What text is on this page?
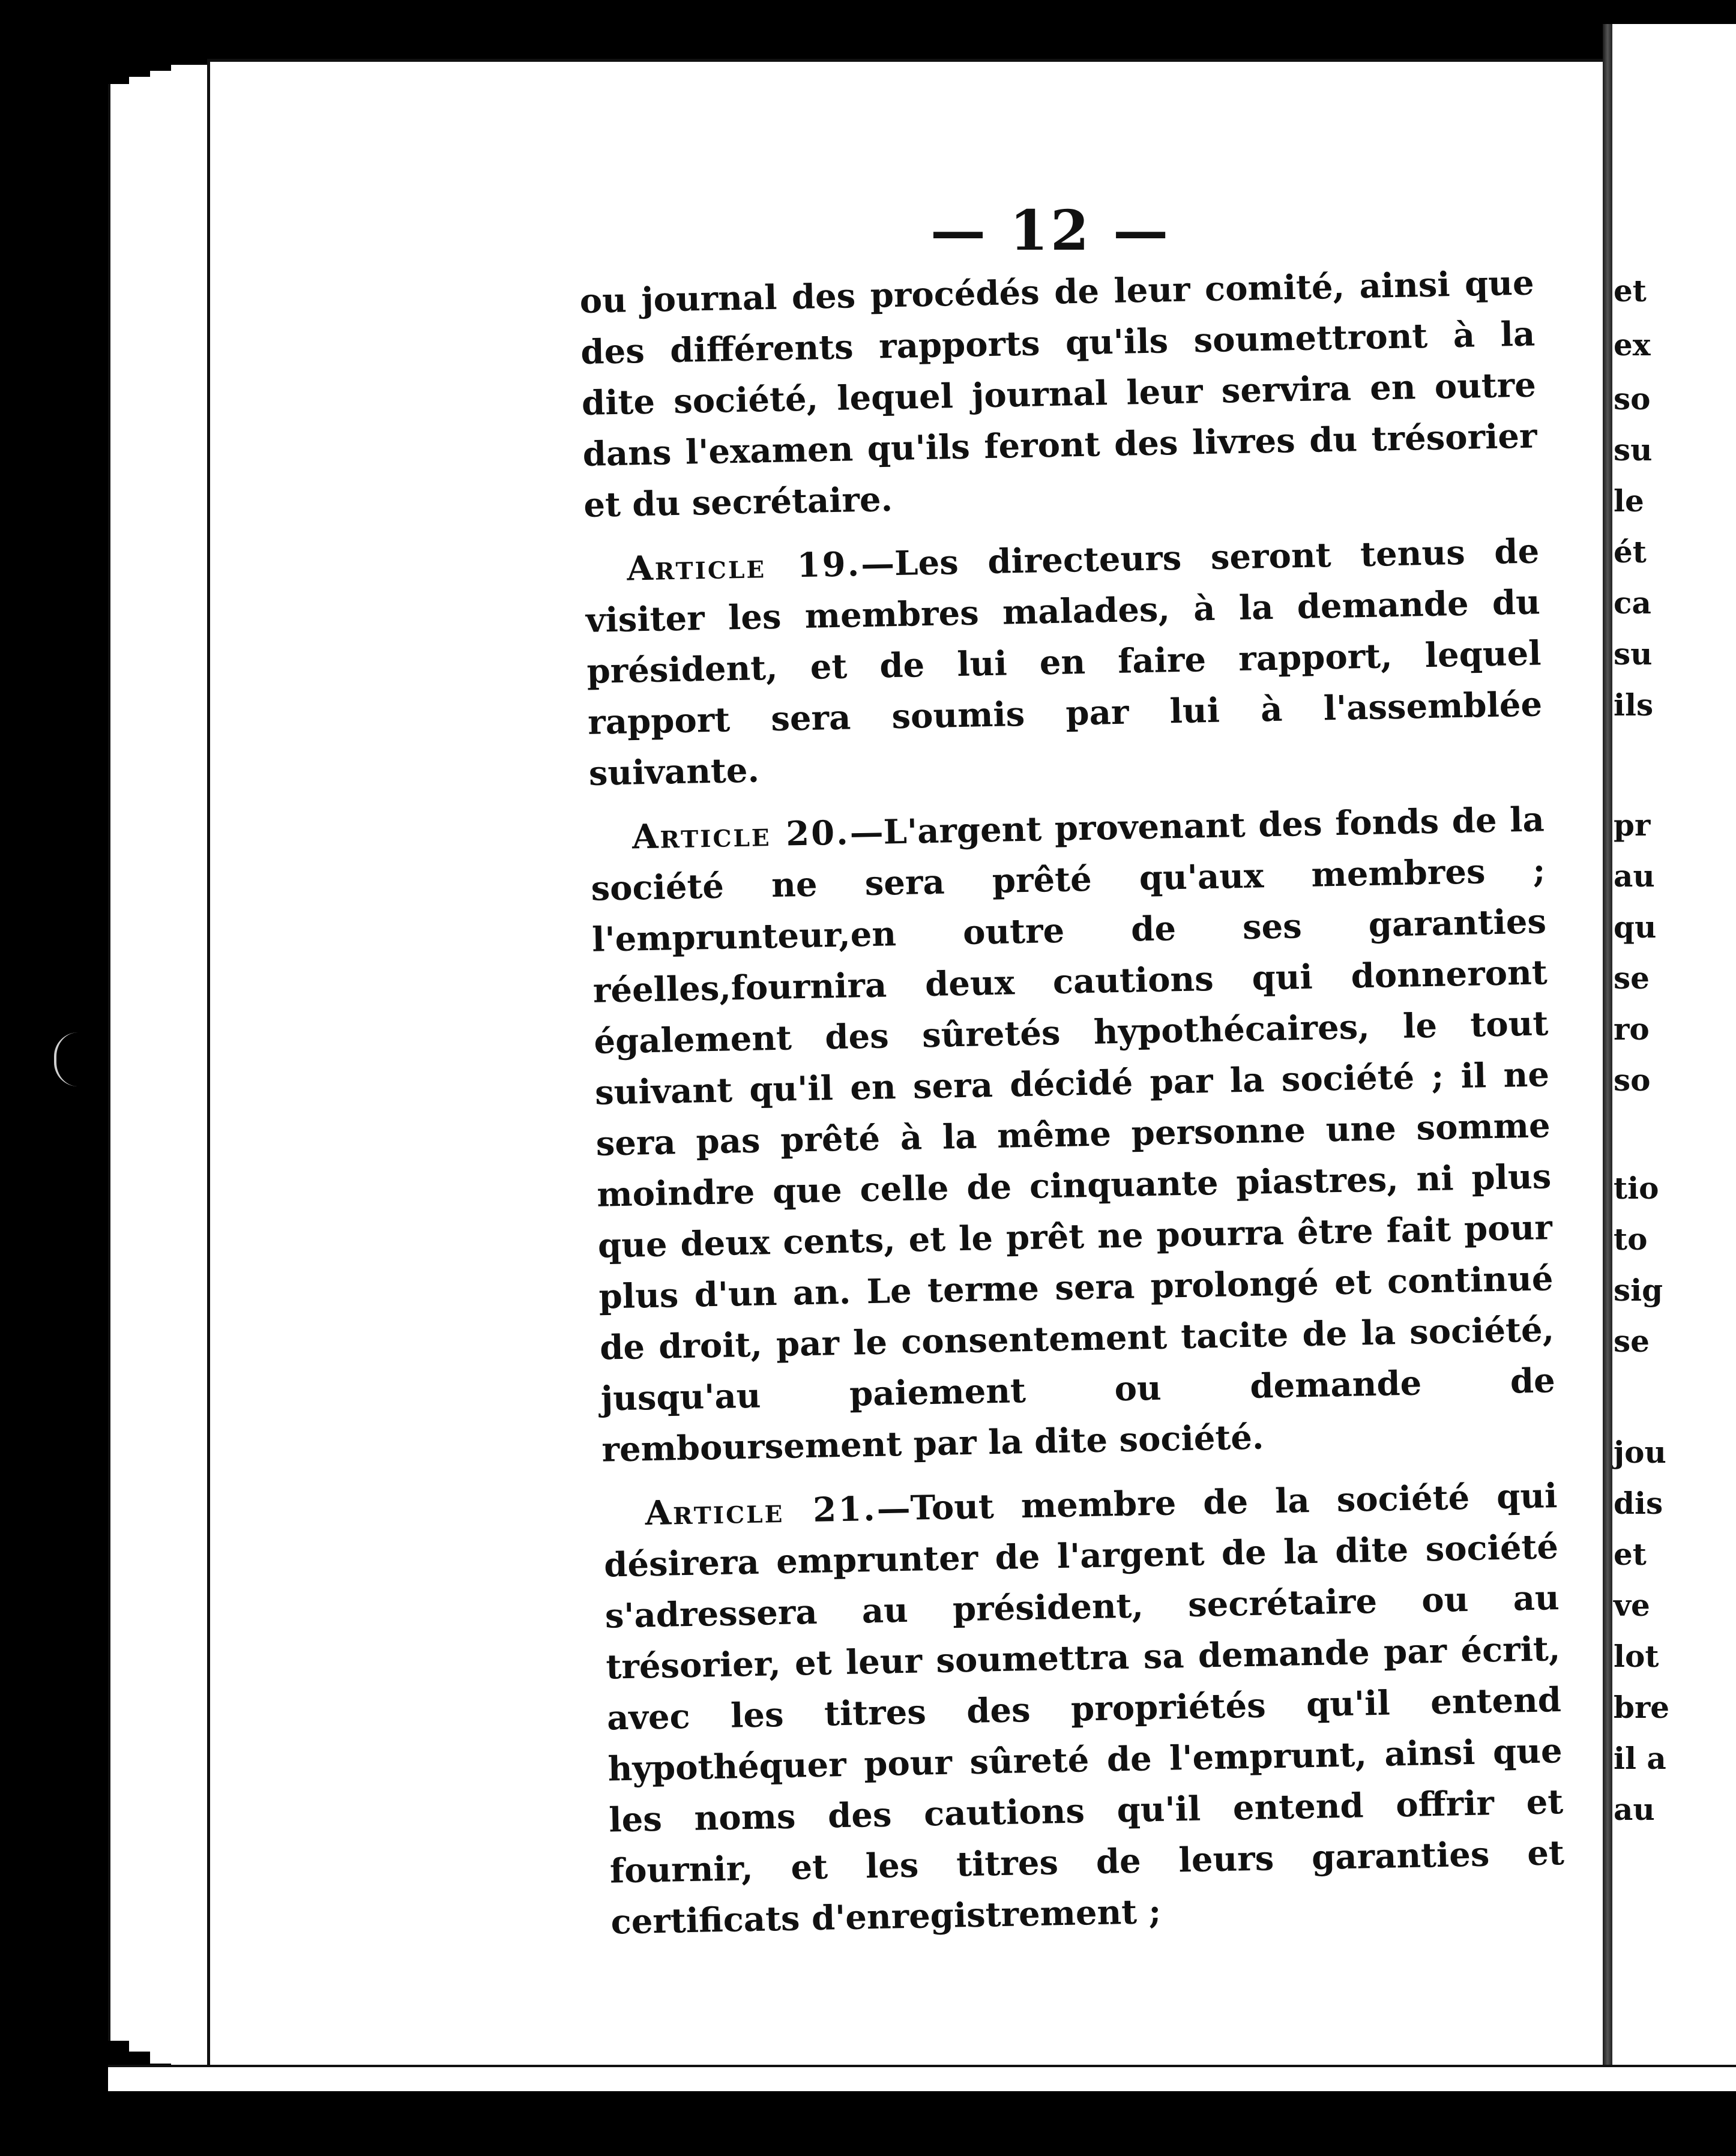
— 12 —

ou journal des procédés de leur comité, ainsi que des différents rapports qu'ils soumettront à la dite société, lequel journal leur servira en outre dans l'examen qu'ils feront des livres du trésorier et du secrétaire.

Article 19.—Les directeurs seront tenus de visiter les membres malades, à la demande du président, et de lui en faire rapport, lequel rapport sera soumis par lui à l'assemblée suivante.

Article 20.—L'argent provenant des fonds de la société ne sera prêté qu'aux membres ; l'emprunteur,en outre de ses garanties réelles,fournira deux cautions qui donneront également des sûretés hypothécaires, le tout suivant qu'il en sera décidé par la société ; il ne sera pas prêté à la même personne une somme moindre que celle de cinquante piastres, ni plus que deux cents, et le prêt ne pourra être fait pour plus d'un an. Le terme sera prolongé et continué de droit, par le consentement tacite de la société, jusqu'au paiement ou demande de remboursement par la dite société.

Article 21.—Tout membre de la société qui désirera emprunter de l'argent de la dite société s'adressera au président, secrétaire ou au trésorier, et leur soumettra sa demande par écrit, avec les titres des propriétés qu'il entend hypothéquer pour sûreté de l'emprunt, ainsi que les noms des cautions qu'il entend offrir et fournir, et les titres de leurs garanties et certificats d'enregistrement ;

et
ex
so
su
le
ét
ca
su
ils
pr
au
qu
se
ro
so
tio
to
sig
se
jou
dis
et
ve
lot
bre
il a
au
